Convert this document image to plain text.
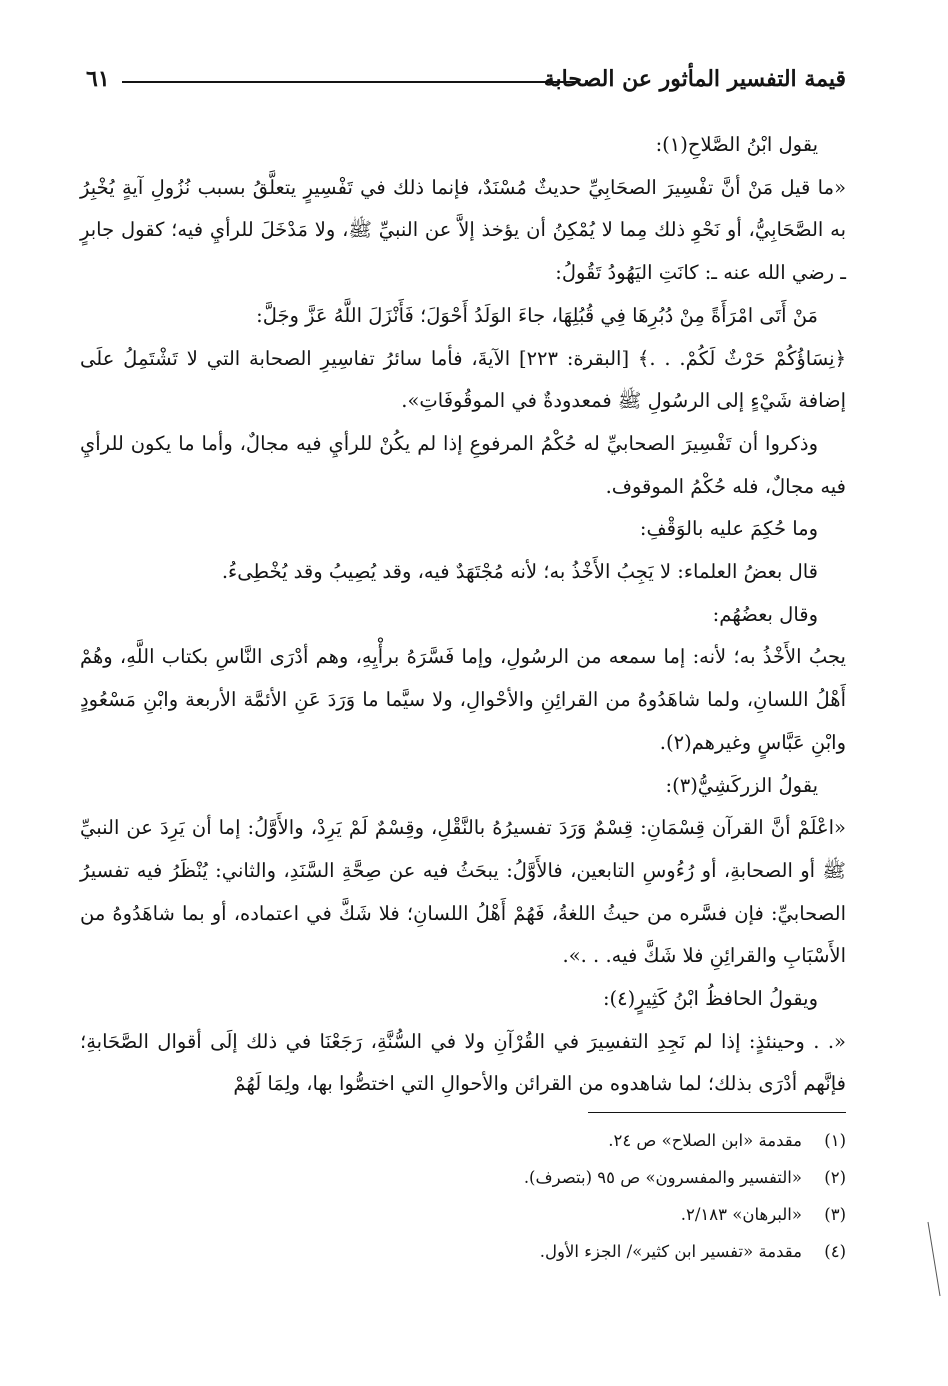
قيمة التفسير المأثور عن الصحابة
٦١

يقول ابْنُ الصَّلاحِ(١):

«ما قيل مَنْ أنَّ تفْسِيرَ الصحَابِيِّ حديثٌ مُسْنَدٌ، فإنما ذلك في تَفْسِيرٍ يتعلَّقُ بسبب نُزُولِ آيةٍ يُخْبِرُ به الصَّحَابِيُّ، أو نَحْوِ ذلك مِما لا يُمْكِنُ أن يؤخذ إلاَّ عن النبيِّ ﷺ، ولا مَدْخَلَ للرأيِ فيه؛ كقول جابرٍ ـ رضي الله عنه ـ: كانَتِ اليَهُودُ تَقُولُ:

مَنْ أَتَى امْرَأَةً مِنْ دُبُرِهَا فِي قُبُلِهَا، جاءَ الوَلَدُ أَحْوَلَ؛ فَأَنْزَلَ اللَّهُ عَزَّ وجَلَّ:

﴿نِسَاؤُكُمْ حَرْثٌ لَكُمْ. . .﴾ [البقرة: ٢٢٣] الآيةَ، فأما سائرُ تفاسِيرِ الصحابة التي لا تَشْتَمِلُ علَى إضافة شَيْءٍ إلى الرسُولِ ﷺ فمعدودةٌ في الموقُوفَاتِ».

وذكروا أن تَفْسِيرَ الصحابيِّ له حُكْمُ المرفوعِ إذا لم يكُنْ للرأيِ فيه مجالٌ، وأما ما يكون للرأيِ فيه مجالٌ، فله حُكْمُ الموقوف.

وما حُكِمَ عليه بالوَقْفِ:

قال بعضُ العلماء: لا يَجِبُ الأَخْذُ به؛ لأنه مُجْتَهَدٌ فيه، وقد يُصِيبُ وقد يُخْطِىءُ.

وقال بعضُهُم:

يجبُ الأَخْذُ به؛ لأنه: إما سمعه من الرسُولِ، وإما فَسَّرَهُ برأْيِهِ، وهم أدْرَى النَّاسِ بكتاب اللَّهِ، وهُمْ أَهْلُ اللسانِ، ولما شاهَدُوهُ من القرائِنِ والأحْوالِ، ولا سيَّما ما وَرَدَ عَنِ الأئمَّة الأربعة وابْنِ مَسْعُودٍ وابْنِ عَبَّاسٍ وغيرهم(٢).

يقولُ الزركَشِيُّ(٣):

«اعْلَمْ أنَّ القرآن قِسْمَانِ: قِسْمٌ وَرَدَ تفسيرُهُ بالنَّقْلِ، وقِسْمٌ لَمْ يَرِدْ، والأَوَّلُ: إما أن يَرِدَ عن النبيِّ ﷺ أو الصحابةِ، أو رُءُوسِ التابعين، فالأَوَّلُ: يبحَثُ فيه عن صِحَّةِ السَّنَدِ، والثاني: يُنْظَرُ فيه تفسيرُ الصحابيِّ: فإن فسَّره من حيثُ اللغةُ، فَهُمْ أَهْلُ اللسانِ؛ فلا شَكَّ في اعتماده، أو بما شاهَدُوهُ من الأَسْبَابِ والقرائِنِ فلا شَكَّ فيه. . .».

ويقولُ الحافظُ ابْنُ كَثِيرٍ(٤):

«. . وحينئذٍ: إذا لم نَجِدِ التفسِيرَ في القُرْآنِ ولا في السُّنَّةِ، رَجَعْنَا في ذلك إلَى أقوال الصَّحَابةِ؛ فإنَّهم أدْرَى بذلك؛ لما شاهدوه من القرائن والأحوالِ التي اختصُّوا بها، ولِمَا لَهُمْ

(١)مقدمة «ابن الصلاح» ص ٢٤.

(٢)«التفسير والمفسرون» ص ٩٥ (بتصرف).

(٣)«البرهان» ٢/١٨٣.

(٤)مقدمة «تفسير ابن كثير»/ الجزء الأول.
